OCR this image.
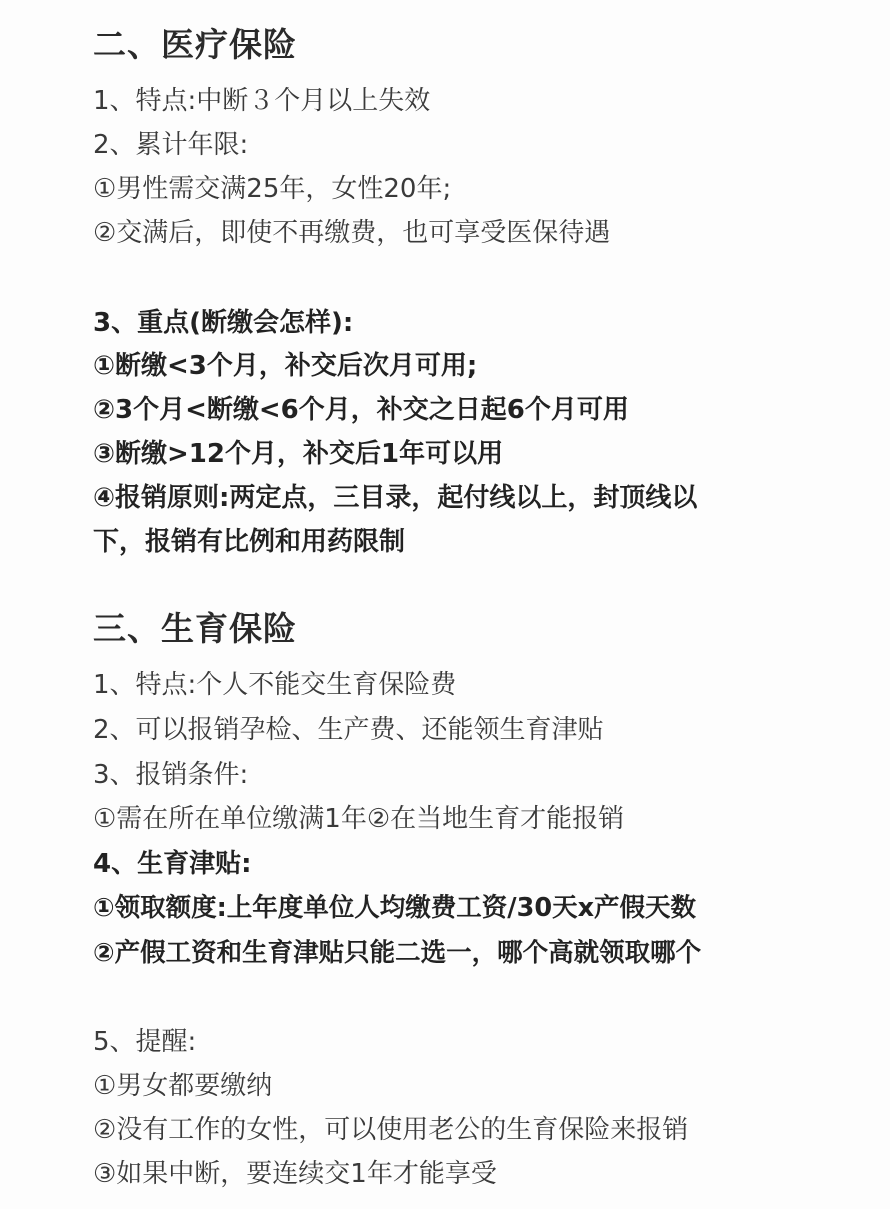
二、医疗保险
1、特点:中断３个月以上失效
2、累计年限:
①男性需交满25年，女性20年;
②交满后，即使不再缴费，也可享受医保待遇
3、重点(断缴会怎样):
①断缴<3个月，补交后次月可用;
②3个月<断缴<6个月，补交之日起6个月可用
③断缴>12个月，补交后1年可以用
④报销原则:两定点，三目录，起付线以上，封顶线以
下，报销有比例和用药限制
三、生育保险
1、特点:个人不能交生育保险费
2、可以报销孕检、生产费、还能领生育津贴
3、报销条件:
①需在所在单位缴满1年②在当地生育才能报销
4、生育津贴:
①领取额度:上年度单位人均缴费工资/30天x产假天数
②产假工资和生育津贴只能二选一，哪个高就领取哪个
5、提醒:
①男女都要缴纳
②没有工作的女性，可以使用老公的生育保险来报销
③如果中断，要连续交1年才能享受
